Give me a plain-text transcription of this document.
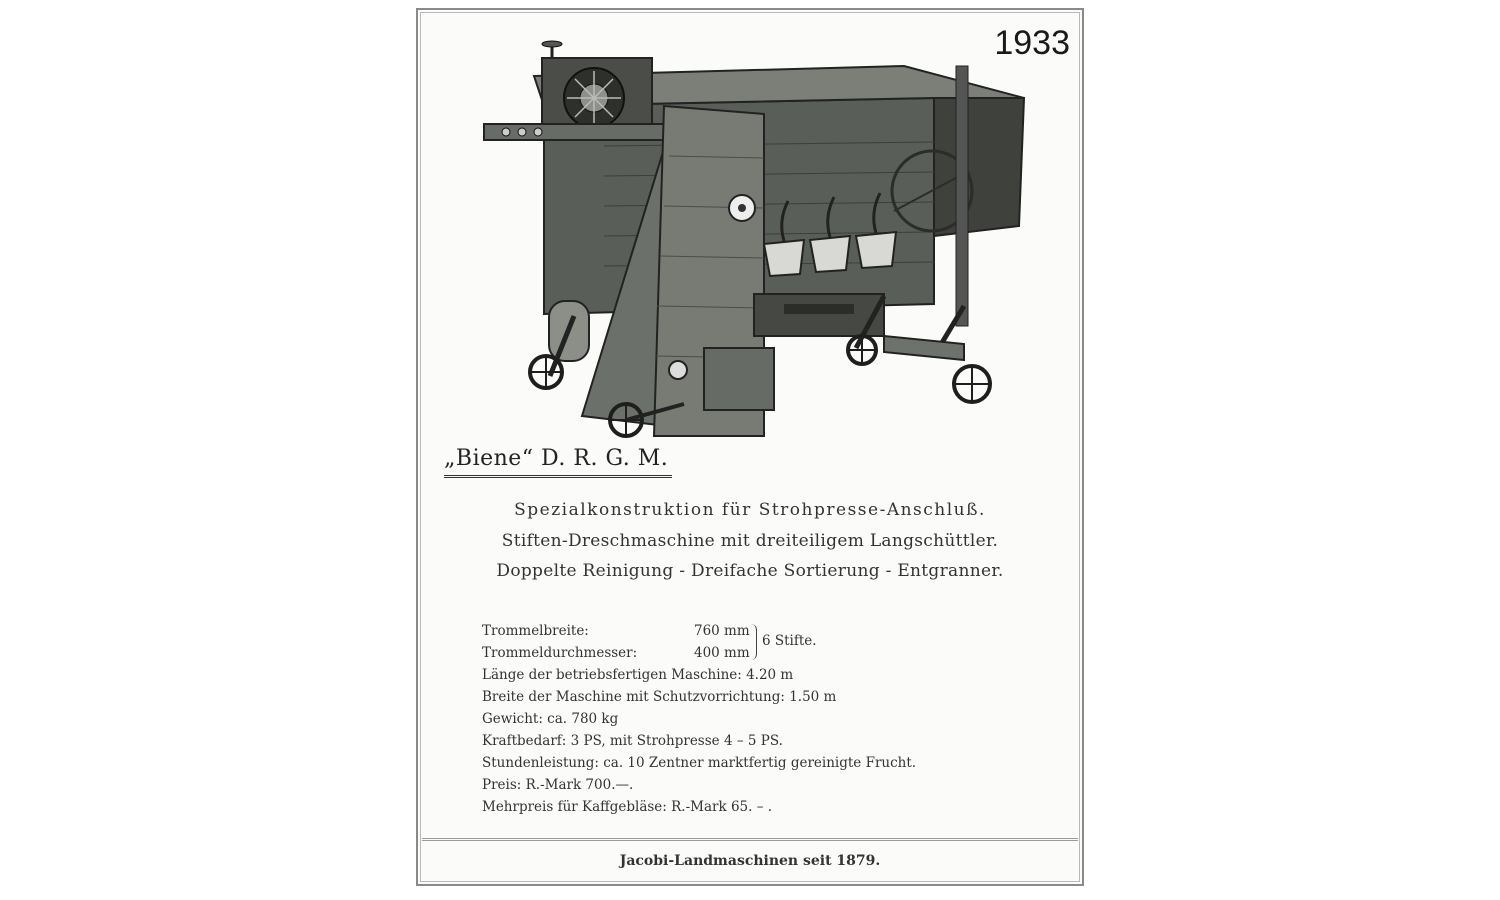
1933
„Biene“ D. R. G. M.
Spezialkonstruktion für Strohpresse-Anschluß.
Stiften-Dreschmaschine mit dreiteiligem Langschüttler.
Doppelte Reinigung - Dreifache Sortierung - Entgranner.
Trommelbreite:	760 mm
Trommeldurchmesser:	400 mm
6 Stifte.
Länge der betriebsfertigen Maschine: 4.20 m
Breite der Maschine mit Schutzvorrichtung: 1.50 m
Gewicht: ca. 780 kg
Kraftbedarf: 3 PS, mit Strohpresse 4 – 5 PS.
Stundenleistung: ca. 10 Zentner marktfertig gereinigte Frucht.
Preis: R.-Mark 700.—.
Mehrpreis für Kaffgebläse: R.-Mark 65. – .
Jacobi-Landmaschinen seit 1879.
